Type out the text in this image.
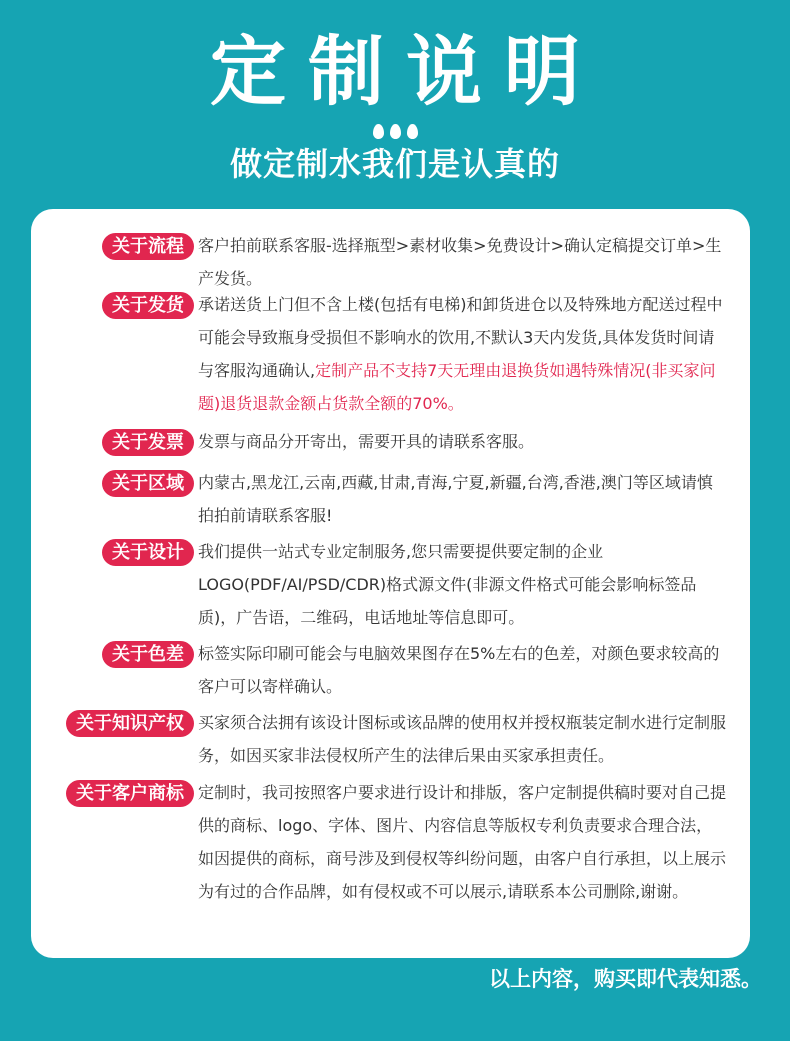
定制说明
做定制水我们是认真的
关于流程 客户拍前联系客服-选择瓶型>素材收集>免费设计>确认定稿提交订单>生产发货。
关于发货 承诺送货上门但不含上楼(包括有电梯)和卸货进仓以及特殊地方配送过程中可能会导致瓶身受损但不影响水的饮用,不默认3天内发货,具体发货时间请与客服沟通确认,定制产品不支持7天无理由退换货如遇特殊情况(非买家问题)退货退款金额占货款全额的70%。
关于发票 发票与商品分开寄出，需要开具的请联系客服。
关于区域 内蒙古,黑龙江,云南,西藏,甘肃,青海,宁夏,新疆,台湾,香港,澳门等区域请慎拍拍前请联系客服!
关于设计 我们提供一站式专业定制服务,您只需要提供要定制的企业LOGO(PDF/AI/PSD/CDR)格式源文件(非源文件格式可能会影响标签品质)，广告语，二维码，电话地址等信息即可。
关于色差 标签实际印刷可能会与电脑效果图存在5%左右的色差，对颜色要求较高的客户可以寄样确认。
关于知识产权 买家须合法拥有该设计图标或该品牌的使用权并授权瓶装定制水进行定制服务，如因买家非法侵权所产生的法律后果由买家承担责任。
关于客户商标 定制时，我司按照客户要求进行设计和排版，客户定制提供稿时要对自己提供的商标、logo、字体、图片、内容信息等版权专利负责要求合理合法，如因提供的商标，商号涉及到侵权等纠纷问题，由客户自行承担，以上展示为有过的合作品牌，如有侵权或不可以展示,请联系本公司删除,谢谢。
以上内容，购买即代表知悉。
